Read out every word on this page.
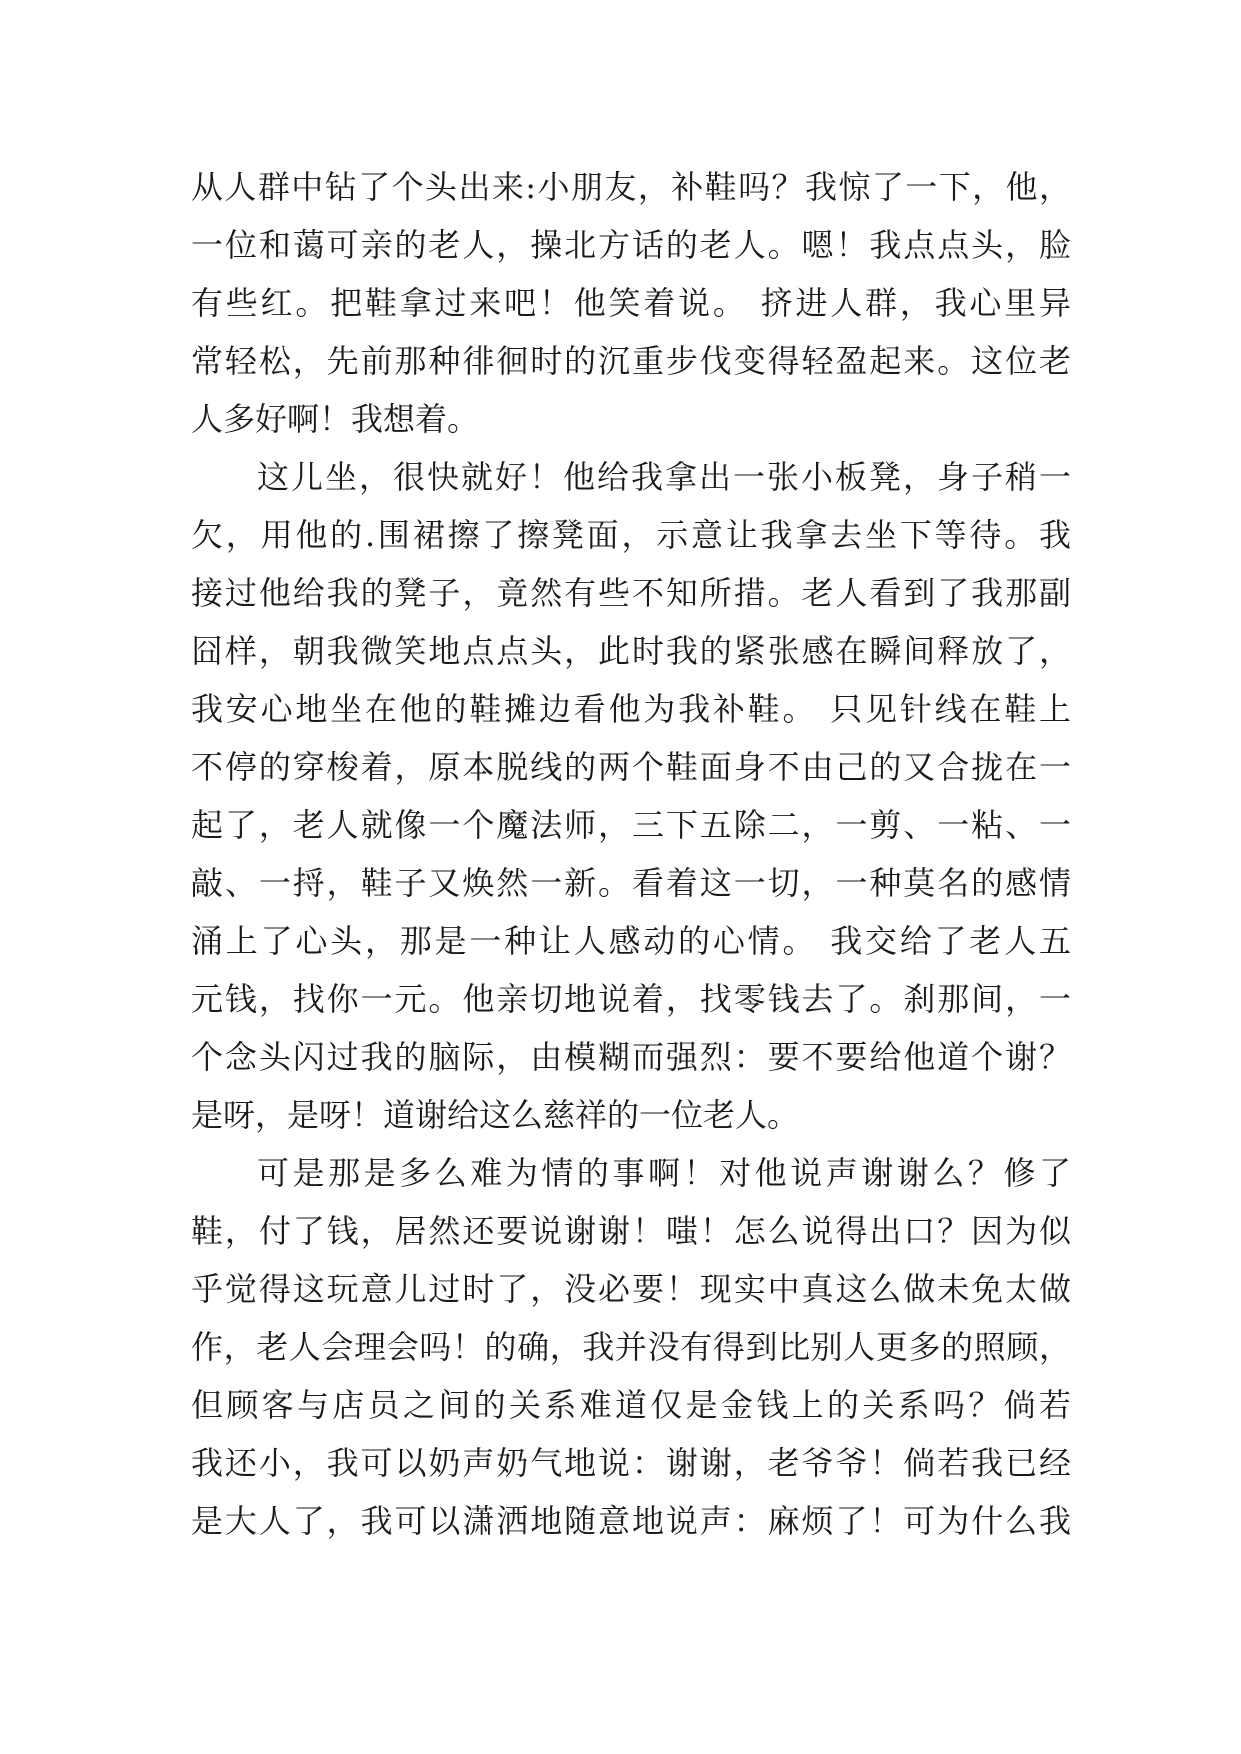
从人群中钻了个头出来:小朋友，补鞋吗？我惊了一下，他，
一位和蔼可亲的老人，操北方话的老人。嗯！我点点头，脸
有些红。把鞋拿过来吧！他笑着说。 挤进人群，我心里异
常轻松，先前那种徘徊时的沉重步伐变得轻盈起来。这位老
人多好啊！我想着。
这儿坐，很快就好！他给我拿出一张小板凳，身子稍一
欠，用他的.围裙擦了擦凳面，示意让我拿去坐下等待。我
接过他给我的凳子，竟然有些不知所措。老人看到了我那副
囧样，朝我微笑地点点头，此时我的紧张感在瞬间释放了，
我安心地坐在他的鞋摊边看他为我补鞋。 只见针线在鞋上
不停的穿梭着，原本脱线的两个鞋面身不由己的又合拢在一
起了，老人就像一个魔法师，三下五除二，一剪、一粘、一
敲、一捋，鞋子又焕然一新。看着这一切，一种莫名的感情
涌上了心头，那是一种让人感动的心情。 我交给了老人五
元钱，找你一元。他亲切地说着，找零钱去了。刹那间，一
个念头闪过我的脑际，由模糊而强烈：要不要给他道个谢？
是呀，是呀！道谢给这么慈祥的一位老人。
可是那是多么难为情的事啊！对他说声谢谢么？修了
鞋，付了钱，居然还要说谢谢！嗤！怎么说得出口？因为似
乎觉得这玩意儿过时了，没必要！现实中真这么做未免太做
作，老人会理会吗！的确，我并没有得到比别人更多的照顾，
但顾客与店员之间的关系难道仅是金钱上的关系吗？倘若
我还小，我可以奶声奶气地说：谢谢，老爷爷！倘若我已经
是大人了，我可以潇洒地随意地说声：麻烦了！可为什么我
